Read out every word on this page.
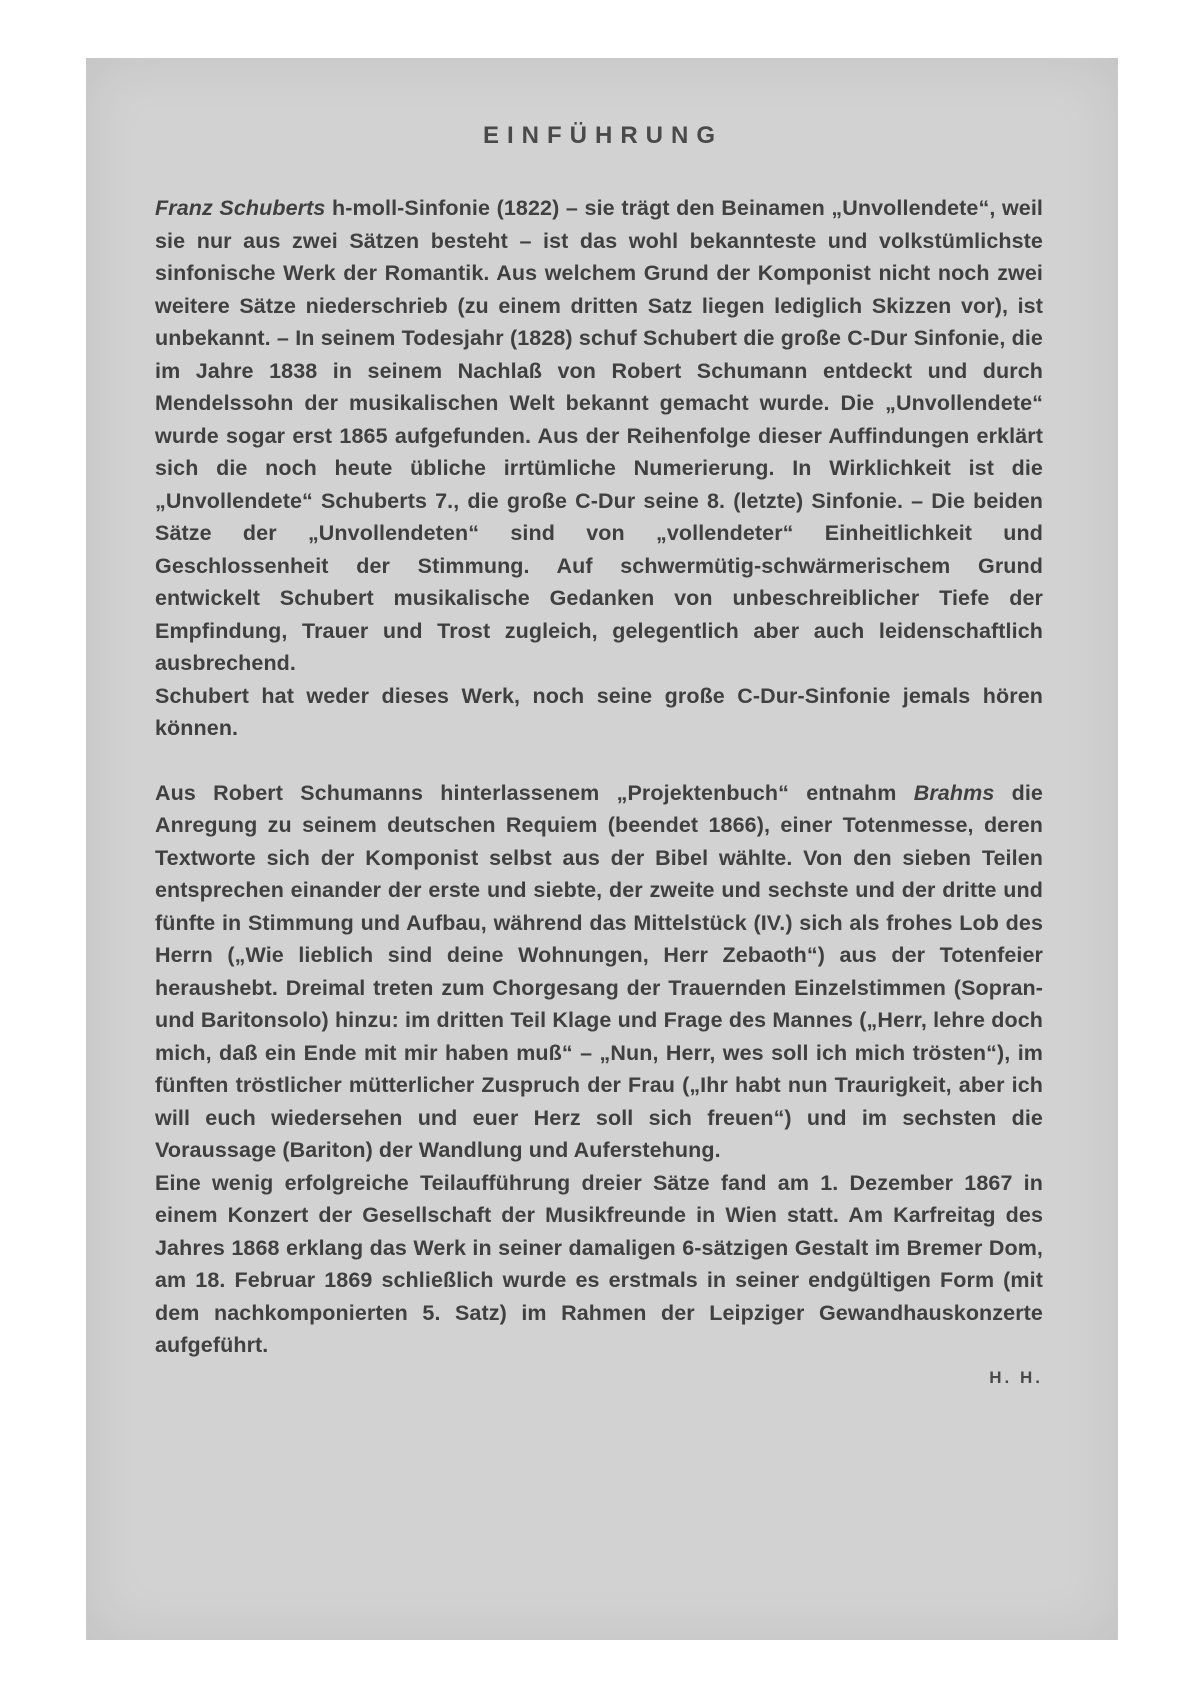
EINFÜHRUNG

Franz Schuberts h-moll-Sinfonie (1822) – sie trägt den Beinamen „Unvollendete“, weil sie nur aus zwei Sätzen besteht – ist das wohl bekannteste und volkstümlichste sinfonische Werk der Romantik. Aus welchem Grund der Komponist nicht noch zwei weitere Sätze niederschrieb (zu einem dritten Satz liegen lediglich Skizzen vor), ist unbekannt. – In seinem Todesjahr (1828) schuf Schubert die große C-Dur Sinfonie, die im Jahre 1838 in seinem Nachlaß von Robert Schumann entdeckt und durch Mendelssohn der musikalischen Welt bekannt gemacht wurde. Die „Unvollendete“ wurde sogar erst 1865 aufgefunden. Aus der Reihenfolge dieser Auffindungen erklärt sich die noch heute übliche irrtümliche Numerierung. In Wirklichkeit ist die „Unvollendete“ Schuberts 7., die große C-Dur seine 8. (letzte) Sinfonie. – Die beiden Sätze der „Unvollendeten“ sind von „vollendeter“ Einheitlichkeit und Geschlossenheit der Stimmung. Auf schwermütig-schwärmerischem Grund entwickelt Schubert musikalische Gedanken von unbeschreiblicher Tiefe der Empfindung, Trauer und Trost zugleich, gelegentlich aber auch leidenschaftlich ausbrechend.

Schubert hat weder dieses Werk, noch seine große C-Dur-Sinfonie jemals hören können.

Aus Robert Schumanns hinterlassenem „Projektenbuch“ entnahm Brahms die Anregung zu seinem deutschen Requiem (beendet 1866), einer Totenmesse, deren Textworte sich der Komponist selbst aus der Bibel wählte. Von den sieben Teilen entsprechen einander der erste und siebte, der zweite und sechste und der dritte und fünfte in Stimmung und Aufbau, während das Mittelstück (IV.) sich als frohes Lob des Herrn („Wie lieblich sind deine Wohnungen, Herr Zebaoth“) aus der Totenfeier heraushebt. Dreimal treten zum Chorgesang der Trauernden Einzelstimmen (Sopran- und Baritonsolo) hinzu: im dritten Teil Klage und Frage des Mannes („Herr, lehre doch mich, daß ein Ende mit mir haben muß“ – „Nun, Herr, wes soll ich mich trösten“), im fünften tröstlicher mütterlicher Zuspruch der Frau („Ihr habt nun Traurigkeit, aber ich will euch wiedersehen und euer Herz soll sich freuen“) und im sechsten die Voraussage (Bariton) der Wandlung und Auferstehung.

Eine wenig erfolgreiche Teilaufführung dreier Sätze fand am 1. Dezember 1867 in einem Konzert der Gesellschaft der Musikfreunde in Wien statt. Am Karfreitag des Jahres 1868 erklang das Werk in seiner damaligen 6-sätzigen Gestalt im Bremer Dom, am 18. Februar 1869 schließlich wurde es erstmals in seiner endgültigen Form (mit dem nachkomponierten 5. Satz) im Rahmen der Leipziger Gewandhauskonzerte aufgeführt.

H. H.
